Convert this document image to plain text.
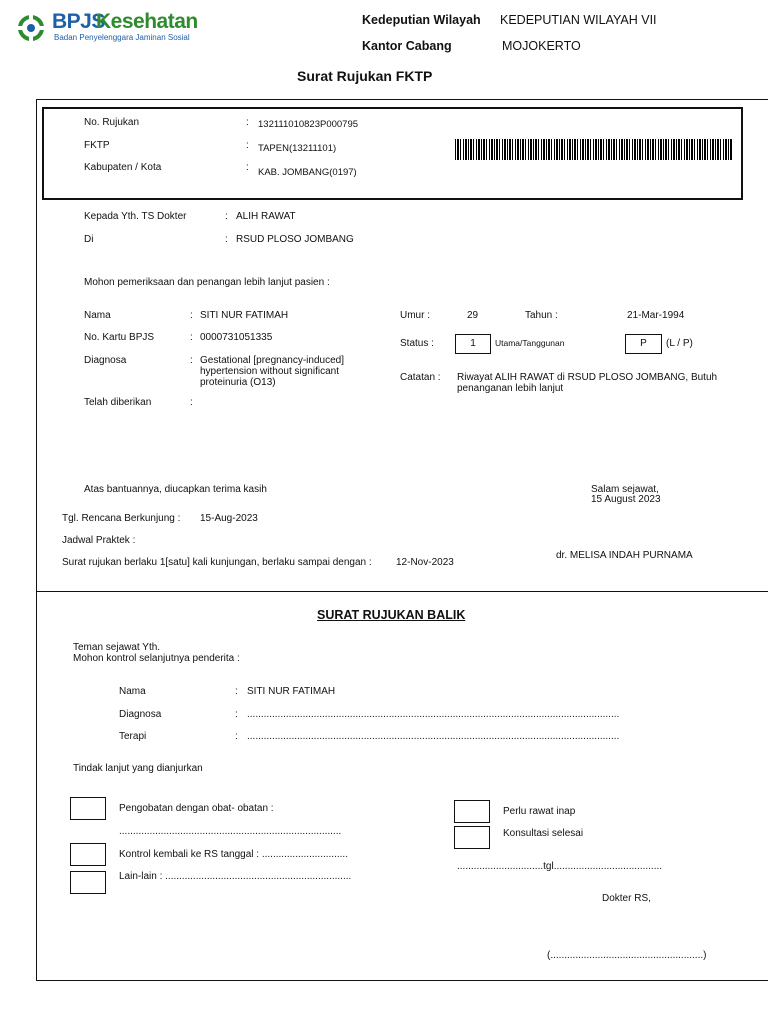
BPJS
Kesehatan
Badan Penyelenggara Jaminan Sosial
Kedeputian Wilayah KEDEPUTIAN WILAYAH VII
Kantor Cabang	MOJOKERTO
Surat Rujukan FKTP
No. Rujukan	: 132111010823P000795
FKTP	: TAPEN(13211101)
Kabupaten / Kota	: KAB. JOMBANG(0197)
Kepada Yth. TS Dokter	: ALIH RAWAT
Di	: RSUD PLOSO JOMBANG
Mohon pemeriksaan dan penangan lebih lanjut pasien :
Nama	: SITI NUR FATIMAH
No. Kartu BPJS	: 0000731051335
Diagnosa	: Gestational [pregnancy-induced]
hypertension without significant
proteinuria (O13)
Telah diberikan	:
Umur :	29	Tahun :	21-Mar-1994
Status :	1	Utama/Tanggunan	P	(L / P)
Catatan : Riwayat ALIH RAWAT di RSUD PLOSO JOMBANG, Butuh
penanganan lebih lanjut
Atas bantuannya, diucapkan terima kasih	Salam sejawat,
15 August 2023
Tgl. Rencana Berkunjung : 15-Aug-2023
Jadwal Praktek :
Surat rujukan berlaku 1[satu] kali kunjungan, berlaku sampai dengan : 12-Nov-2023
dr. MELISA INDAH PURNAMA
SURAT RUJUKAN BALIK
Teman sejawat Yth.
Mohon kontrol selanjutnya penderita :
Nama	: SITI NUR FATIMAH
Diagnosa	: ......................................................................................................................................
Terapi	: ......................................................................................................................................
Tindak lanjut yang dianjurkan
Pengobatan dengan obat- obatan :
................................................................................
Kontrol kembali ke RS tanggal : ...............................
Lain-lain : ...................................................................
Perlu rawat inap
Konsultasi selesai
...............................tgl.......................................
Dokter RS,
(.......................................................)
